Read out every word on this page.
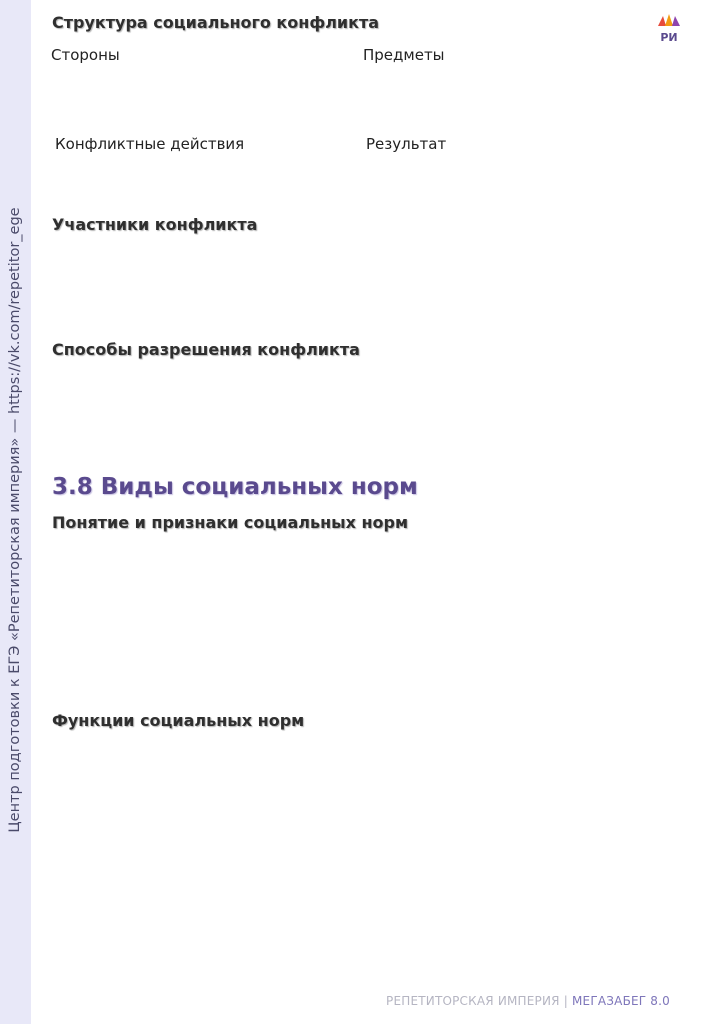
Центр подготовки к ЕГЭ «Репетиторская империя» — https://vk.com/repetitor_ege
РИ
Структура социального конфликта
Стороны	Предметы
Конфликтные действия	Результат
Участники конфликта
Способы разрешения конфликта
3.8 Виды социальных норм
Понятие и признаки социальных норм
Функции социальных норм
РЕПЕТИТОРСКАЯ ИМПЕРИЯ | МЕГАЗАБЕГ 8.0
